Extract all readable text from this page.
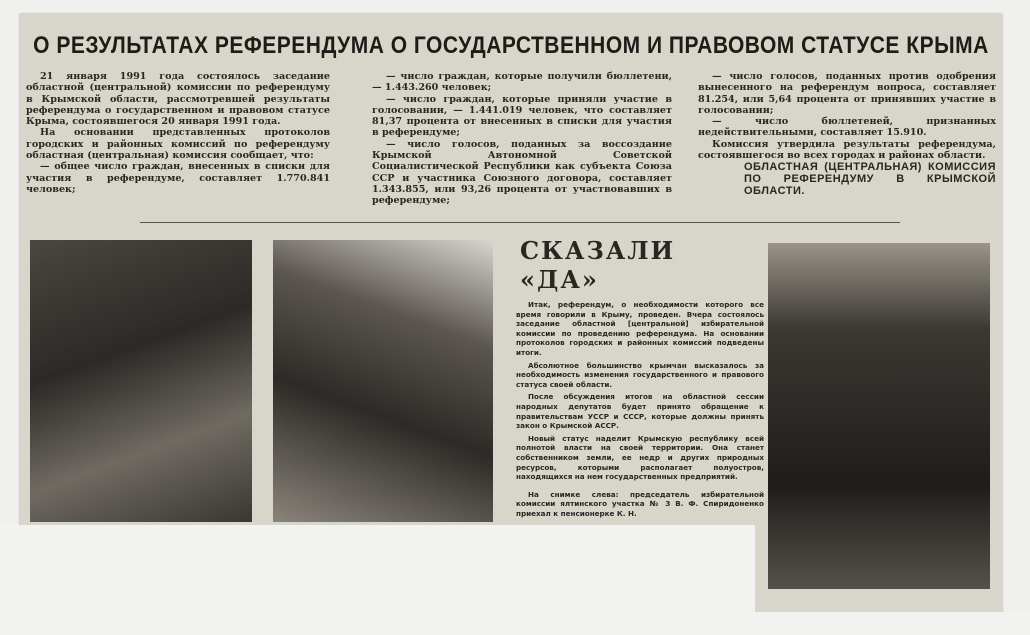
О РЕЗУЛЬТАТАХ РЕФЕРЕНДУМА О ГОСУДАРСТВЕННОМ И ПРАВОВОМ СТАТУСЕ КРЫМА

21 января 1991 года состоялось заседание областной (центральной) комиссии по референдуму в Крымской области, рассмотревшей результаты референдума о государственном и правовом статусе Крыма, состоявшегося 20 января 1991 года.

На основании представленных протоколов городских и районных комиссий по референдуму областная (центральная) комиссия сообщает, что:

— общее число граждан, внесенных в списки для участия в референдуме, составляет 1.770.841 человек;

— число граждан, которые получили бюллетени, — 1.443.260 человек;

— число граждан, которые приняли участие в голосовании, — 1.441.019 человек, что составляет 81,37 процента от внесенных в списки для участия в референдуме;

— число голосов, поданных за воссоздание Крымской Автономной Советской Социалистической Республики как субъекта Союза ССР и участника Союзного договора, составляет 1.343.855, или 93,26 процента от участвовавших в референдуме;

— число голосов, поданных против одобрения вынесенного на референдум вопроса, составляет 81.254, или 5,64 процента от принявших участие в голосовании;

— число бюллетеней, признанных недействительными, составляет 15.910.

Комиссия утвердила результаты референдума, состоявшегося во всех городах и районах области.

ОБЛАСТНАЯ (ЦЕНТРАЛЬНАЯ) КОМИССИЯ ПО РЕФЕРЕНДУМУ В КРЫМСКОЙ ОБЛАСТИ.

СКАЗАЛИ «ДА»

Итак, референдум, о необходимости которого все время говорили в Крыму, проведен. Вчера состоялось заседание областной [центральной] избирательной комиссии по проведению референдума. На основании протоколов городских и районных комиссий подведены итоги.

Абсолютное большинство крымчан высказалось за необходимость изменения государственного и правового статуса своей области.

После обсуждения итогов на областной сессии народных депутатов будет принято обращение к правительствам УССР и СССР, которые должны принять закон о Крымской АССР.

Новый статус наделит Крымскую республику всей полнотой власти на своей территории. Она станет собственником земли, ее недр и других природных ресурсов, которыми располагает полуостров, находящихся на нем государственных предприятий.

На снимке слева: председатель избирательной комиссии ялтинского участка № 3 В. Ф. Спиридоненко приехал к пенсионерке К. Н.
